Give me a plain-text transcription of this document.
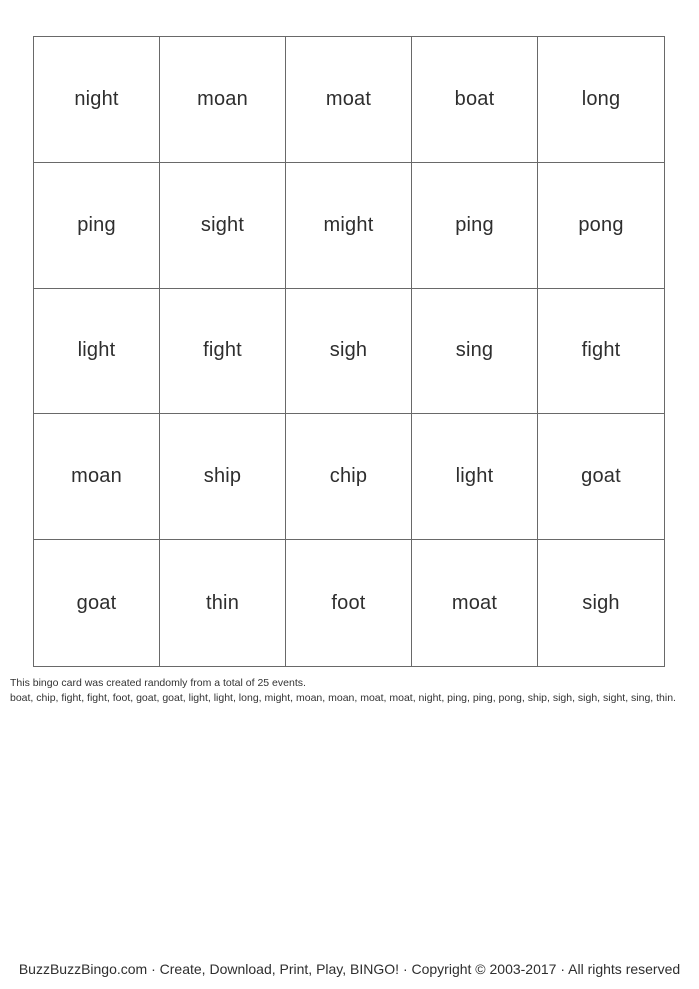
night	moan	moat	boat	long
ping	sight	might	ping	pong
light	fight	sigh	sing	fight
moan	ship	chip	light	goat
goat	thin	foot	moat	sigh
This bingo card was created randomly from a total of 25 events.
boat, chip, fight, fight, foot, goat, goat, light, light, long, might, moan, moan, moat, moat, night, ping, ping, pong, ship, sigh, sigh, sight, sing, thin.
BuzzBuzzBingo.com · Create, Download, Print, Play, BINGO! · Copyright © 2003-2017 · All rights reserved
